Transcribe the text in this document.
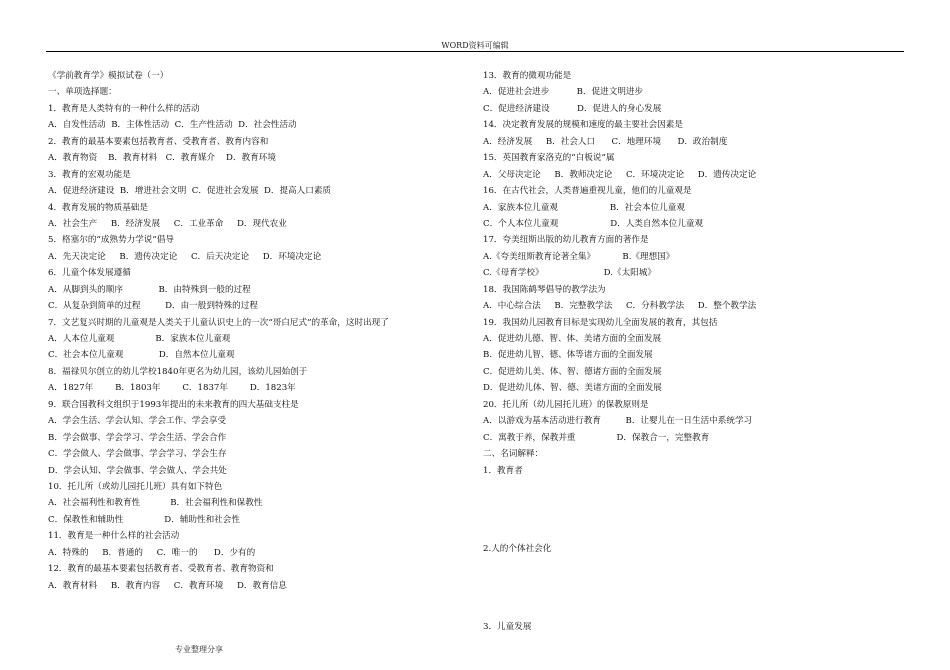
WORD资料可编辑
《学前教育学》模拟试卷（一）
一、单项选择题：
1．教育是人类特有的一种什么样的活动
A．自发性活动  B．主体性活动  C．生产性活动  D．社会性活动
2．教育的最基本要素包括教育者、受教育者、教育内容和
A．教育物资    B．教育材料   C．教育媒介    D．教育环境
3．教育的宏观功能是
A．促进经济建设  B．增进社会文明  C．促进社会发展  D．提高人口素质
4．教育发展的物质基础是
A．社会生产     B．经济发展     C．工业革命     D．现代农业
5．格塞尔的“成熟势力学说”倡导
A．先天决定论     B．遗传决定论     C．后天决定论     D．环境决定论
6．儿童个体发展遵循
A．从脚到头的顺序             B．由特殊到一般的过程
C．从复杂到简单的过程         D．由一般到特殊的过程
7．文艺复兴时期的儿童观是人类关于儿童认识史上的一次“哥白尼式”的革命，这时出现了
A．人本位儿童观               B．家族本位儿童观
C．社会本位儿童观             D．自然本位儿童观
8．福禄贝尔创立的幼儿学校1840年更名为幼儿园，该幼儿园始创于
A．1827年        B．1803年        C．1837年        D．1823年
9．联合国教科文组织于1993年提出的未来教育的四大基础支柱是
A．学会生活、学会认知、学会工作、学会享受
B．学会做事、学会学习、学会生活、学会合作
C．学会做人、学会做事、学会学习、学会生存
D．学会认知、学会做事、学会做人、学会共处
10．托儿所（或幼儿园托儿班）具有如下特色
A．社会福利性和教育性           B．社会福利性和保教性
C．保教性和辅助性               D．辅助性和社会性
11．教育是一种什么样的社会活动
A．特殊的     B．普通的     C．唯一的      D．少有的
12．教育的最基本要素包括教育者、受教育者、教育物资和
A．教育材料     B．教育内容     C．教育环境     D．教育信息
13．教育的微观功能是
A．促进社会进步          B．促进文明进步
C．促进经济建设          D．促进人的身心发展
14．决定教育发展的规模和速度的最主要社会因素是
A．经济发展     B．社会人口      C．地理环境      D．政治制度
15．英国教育家洛克的“白板说”属
A．父母决定论     B．教师决定论     C．环境决定论     D．遗传决定论
16．在古代社会，人类普遍重视儿童，他们的儿童观是
A．家族本位儿童观                   B．社会本位儿童观
C．个人本位儿童观                   D．人类自然本位儿童观
17．夸美纽斯出版的幼儿教育方面的著作是
A.《夸美纽斯教育论著全集》          B.《理想国》
C.《母育学校》                      D.《太阳城》
18．我国陈鹤琴倡导的教学法为
A．中心综合法     B．完整教学法     C．分科教学法     D．整个教学法
19．我国幼儿园教育目标是实现幼儿全面发展的教育，其包括
A．促进幼儿德、智、体、美诸方面的全面发展
B．促进幼儿智、德、体等诸方面的全面发展
C．促进幼儿美、体、智、德诸方面的全面发展
D．促进幼儿体、智、德、美诸方面的全面发展
20．托儿所（幼儿园托儿班）的保教原则是
A．以游戏为基本活动进行教育         B．让婴儿在一日生活中系统学习
C．寓教于养，保教并重               D．保教合一，完整教育
二、名词解释：
1．教育者
2.人的个体社会化
3．儿童发展
专业整理分享
